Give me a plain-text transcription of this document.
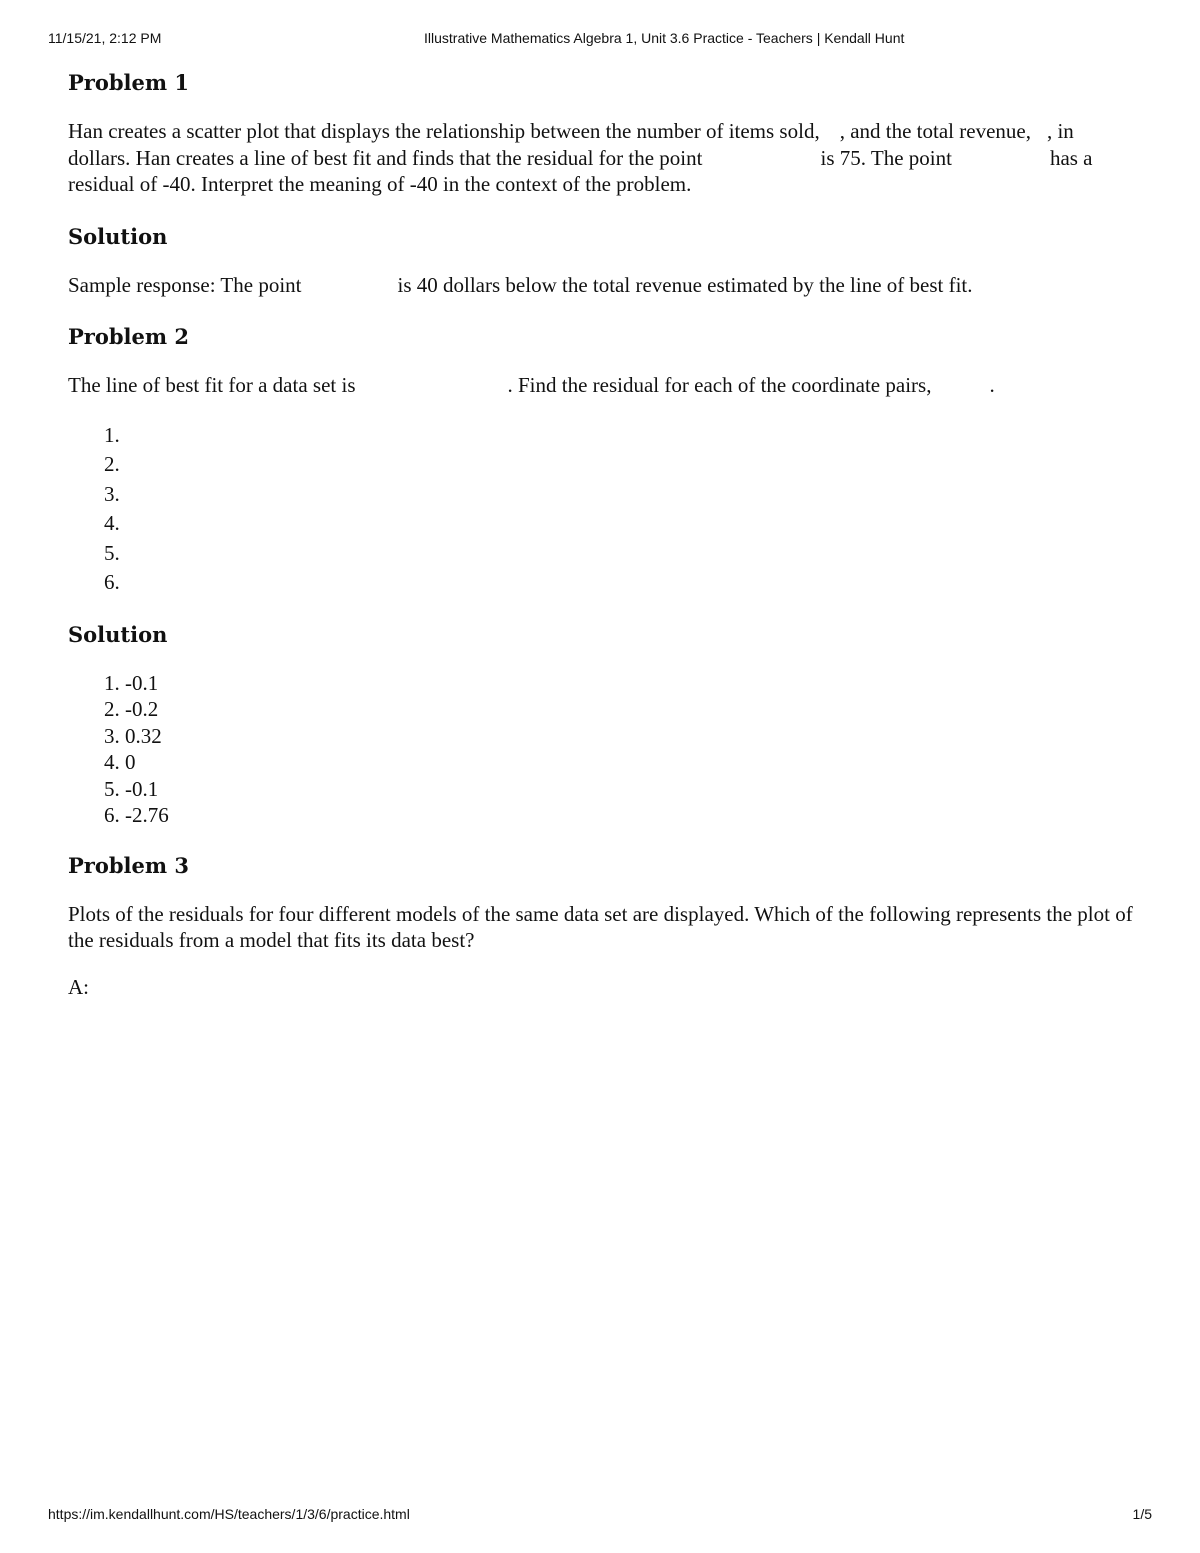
11/15/21, 2:12 PM	Illustrative Mathematics Algebra 1, Unit 3.6 Practice - Teachers | Kendall Hunt
Problem 1

Han creates a scatter plot that displays the relationship between the number of items sold, , and the total revenue, , in dollars. Han creates a line of best fit and finds that the residual for the point	is 75. The point	has a residual of -40. Interpret the meaning of -40 in the context of the problem.

Solution

Sample response: The point	is 40 dollars below the total revenue estimated by the line of best fit.

Problem 2

The line of best fit for a data set is	. Find the residual for each of the coordinate pairs,	.

1.
2.
3.
4.
5.
6.
Solution
1. -0.1
2. -0.2
3. 0.32
4. 0
5. -0.1
6. -2.76
Problem 3

Plots of the residuals for four different models of the same data set are displayed. Which of the following represents the plot of the residuals from a model that fits its data best?

A:

https://im.kendallhunt.com/HS/teachers/1/3/6/practice.html	1/5
